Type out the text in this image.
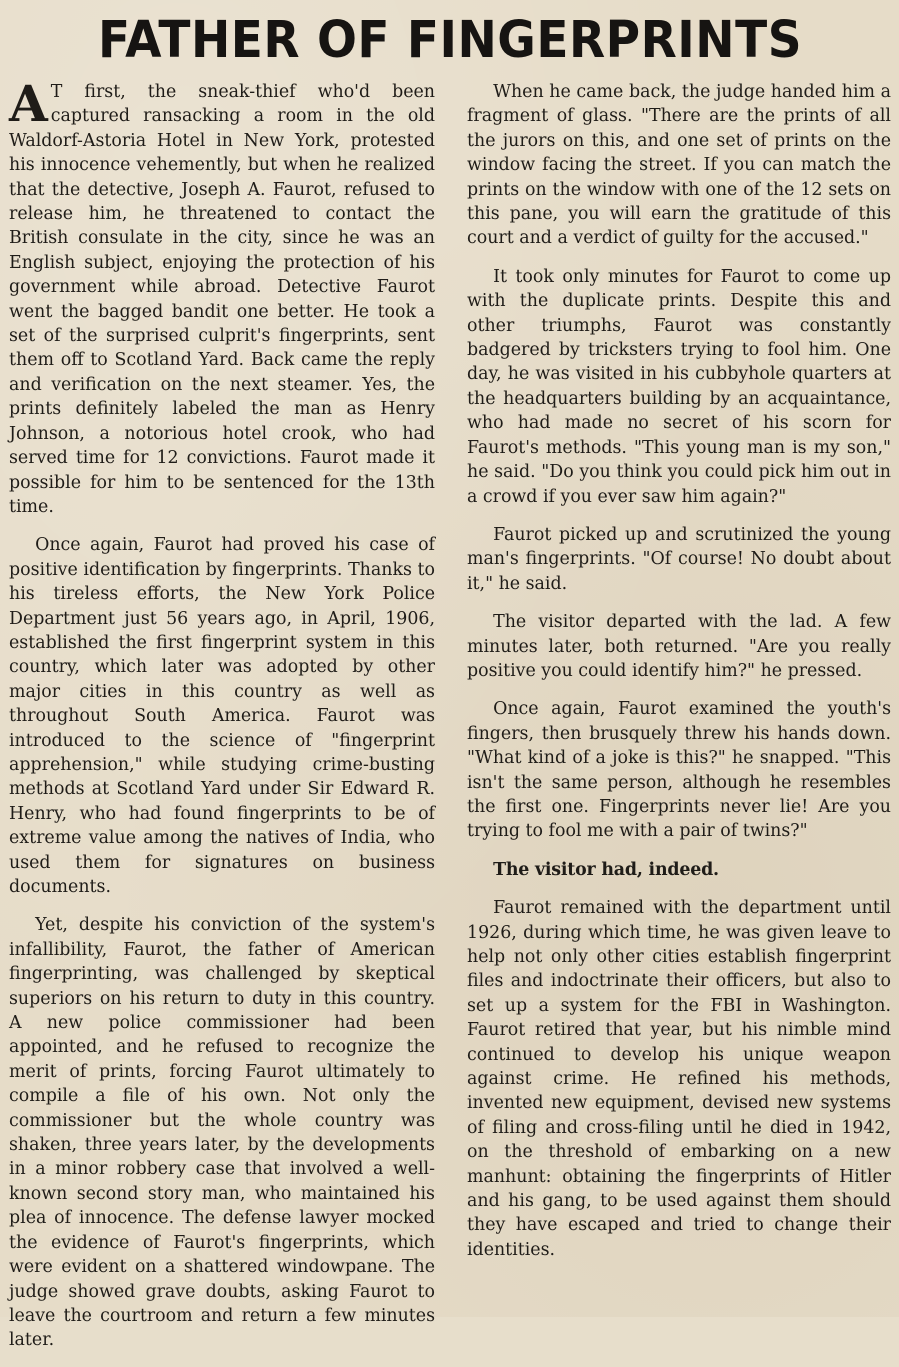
FATHER OF FINGERPRINTS

AT first, the sneak-thief who'd been captured ransacking a room in the old Waldorf-Astoria Hotel in New York, protested his innocence vehemently, but when he realized that the detective, Joseph A. Faurot, refused to release him, he threatened to contact the British consulate in the city, since he was an English subject, enjoying the protection of his government while abroad. Detective Faurot went the bagged bandit one better. He took a set of the surprised culprit's fingerprints, sent them off to Scotland Yard. Back came the reply and verification on the next steamer. Yes, the prints definitely labeled the man as Henry Johnson, a notorious hotel crook, who had served time for 12 convictions. Faurot made it possible for him to be sentenced for the 13th time.

Once again, Faurot had proved his case of positive identification by fingerprints. Thanks to his tireless efforts, the New York Police Department just 56 years ago, in April, 1906, established the first fingerprint system in this country, which later was adopted by other major cities in this country as well as throughout South America. Faurot was introduced to the science of "fingerprint apprehension," while studying crime-busting methods at Scotland Yard under Sir Edward R. Henry, who had found fingerprints to be of extreme value among the natives of India, who used them for signatures on business documents.

Yet, despite his conviction of the system's infallibility, Faurot, the father of American fingerprinting, was challenged by skeptical superiors on his return to duty in this country. A new police commissioner had been appointed, and he refused to recognize the merit of prints, forcing Faurot ultimately to compile a file of his own. Not only the commissioner but the whole country was shaken, three years later, by the developments in a minor robbery case that involved a well-known second story man, who maintained his plea of innocence. The defense lawyer mocked the evidence of Faurot's fingerprints, which were evident on a shattered windowpane. The judge showed grave doubts, asking Faurot to leave the courtroom and return a few minutes later.

When he came back, the judge handed him a fragment of glass. "There are the prints of all the jurors on this, and one set of prints on the window facing the street. If you can match the prints on the window with one of the 12 sets on this pane, you will earn the gratitude of this court and a verdict of guilty for the accused."

It took only minutes for Faurot to come up with the duplicate prints. Despite this and other triumphs, Faurot was constantly badgered by tricksters trying to fool him. One day, he was visited in his cubbyhole quarters at the headquarters building by an acquaintance, who had made no secret of his scorn for Faurot's methods. "This young man is my son," he said. "Do you think you could pick him out in a crowd if you ever saw him again?"

Faurot picked up and scrutinized the young man's fingerprints. "Of course! No doubt about it," he said.

The visitor departed with the lad. A few minutes later, both returned. "Are you really positive you could identify him?" he pressed.

Once again, Faurot examined the youth's fingers, then brusquely threw his hands down. "What kind of a joke is this?" he snapped. "This isn't the same person, although he resembles the first one. Fingerprints never lie! Are you trying to fool me with a pair of twins?"

The visitor had, indeed.

Faurot remained with the department until 1926, during which time, he was given leave to help not only other cities establish fingerprint files and indoctrinate their officers, but also to set up a system for the FBI in Washington. Faurot retired that year, but his nimble mind continued to develop his unique weapon against crime. He refined his methods, invented new equipment, devised new systems of filing and cross-filing until he died in 1942, on the threshold of embarking on a new manhunt: obtaining the fingerprints of Hitler and his gang, to be used against them should they have escaped and tried to change their identities.
